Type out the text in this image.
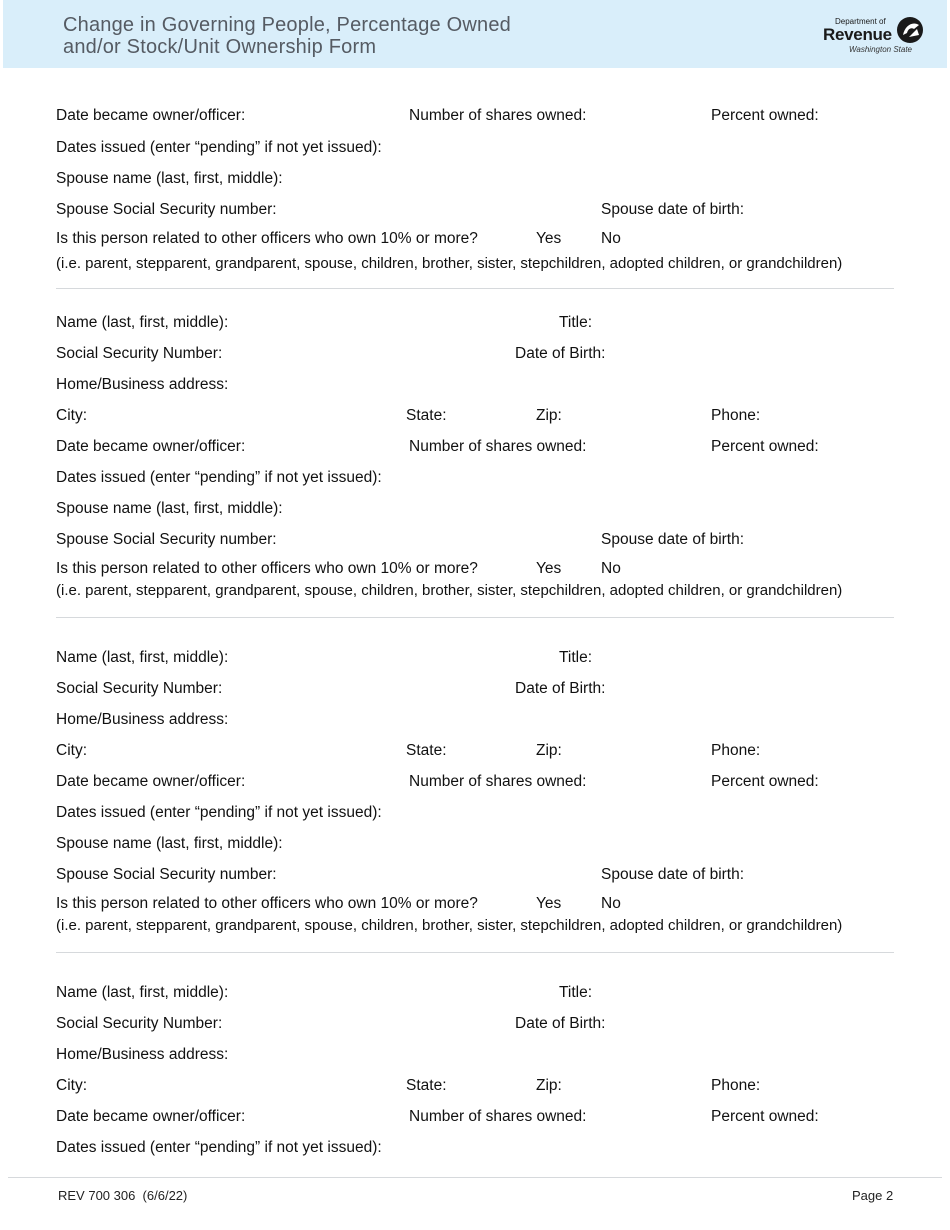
Change in Governing People, Percentage Owned
and/or Stock/Unit Ownership Form
Department of
Revenue
Washington State
Date became owner/officer:	Number of shares owned:	Percent owned:
Dates issued (enter “pending” if not yet issued):
Spouse name (last, first, middle):
Spouse Social Security number:	Spouse date of birth:
Is this person related to other officers who own 10% or more?	Yes	No
(i.e. parent, stepparent, grandparent, spouse, children, brother, sister, stepchildren, adopted children, or grandchildren)
Name (last, first, middle):	Title:
Social Security Number:	Date of Birth:
Home/Business address:
City:	State:	Zip:	Phone:
Date became owner/officer:	Number of shares owned:	Percent owned:
Dates issued (enter “pending” if not yet issued):
Spouse name (last, first, middle):
Spouse Social Security number:	Spouse date of birth:
Is this person related to other officers who own 10% or more?	Yes	No
(i.e. parent, stepparent, grandparent, spouse, children, brother, sister, stepchildren, adopted children, or grandchildren)
Name (last, first, middle):	Title:
Social Security Number:	Date of Birth:
Home/Business address:
City:	State:	Zip:	Phone:
Date became owner/officer:	Number of shares owned:	Percent owned:
Dates issued (enter “pending” if not yet issued):
Spouse name (last, first, middle):
Spouse Social Security number:	Spouse date of birth:
Is this person related to other officers who own 10% or more?	Yes	No
(i.e. parent, stepparent, grandparent, spouse, children, brother, sister, stepchildren, adopted children, or grandchildren)
Name (last, first, middle):	Title:
Social Security Number:	Date of Birth:
Home/Business address:
City:	State:	Zip:	Phone:
Date became owner/officer:	Number of shares owned:	Percent owned:
Dates issued (enter “pending” if not yet issued):
REV 700 306  (6/6/22)	Page 2
